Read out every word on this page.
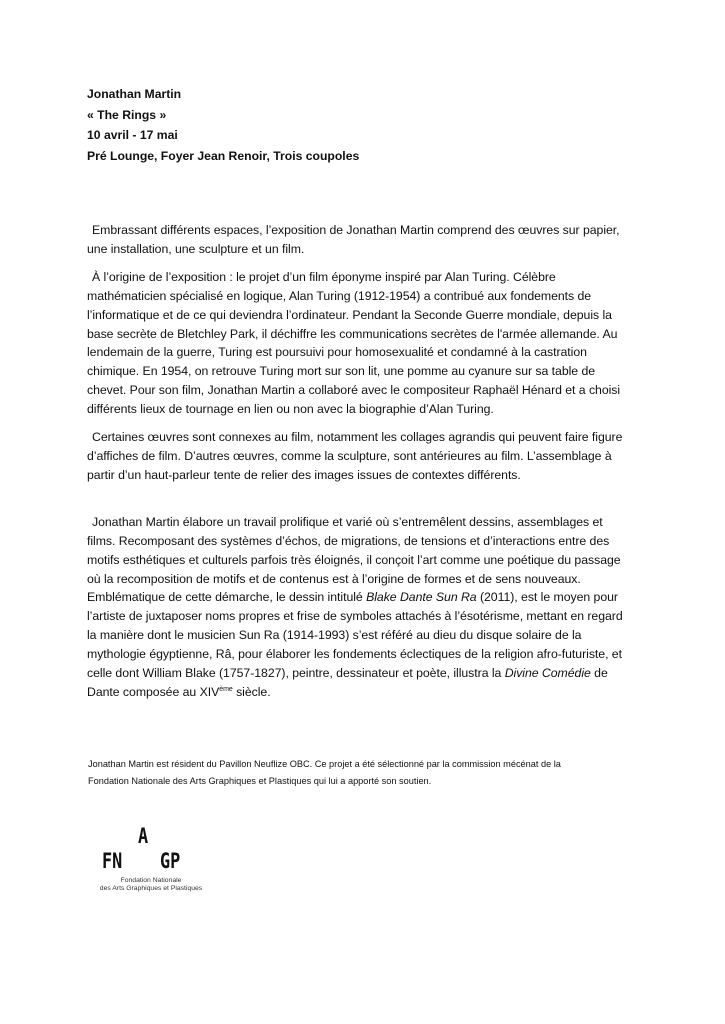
Jonathan Martin
« The Rings »
10 avril - 17 mai
Pré Lounge, Foyer Jean Renoir, Trois coupoles

Embrassant différents espaces, l’exposition de Jonathan Martin comprend des œuvres sur papier,

une installation, une sculpture et un film.

À l’origine de l’exposition : le projet d’un film éponyme inspiré par Alan Turing. Célèbre

mathématicien spécialisé en logique, Alan Turing (1912-1954) a contribué aux fondements de

l’informatique et de ce qui deviendra l’ordinateur. Pendant la Seconde Guerre mondiale, depuis la

base secrète de Bletchley Park, il déchiffre les communications secrètes de l'armée allemande. Au

lendemain de la guerre, Turing est poursuivi pour homosexualité et condamné à la castration

chimique. En 1954, on retrouve Turing mort sur son lit, une pomme au cyanure sur sa table de

chevet. Pour son film, Jonathan Martin a collaboré avec le compositeur Raphaël Hénard et a choisi

différents lieux de tournage en lien ou non avec la biographie d’Alan Turing.

Certaines œuvres sont connexes au film, notamment les collages agrandis qui peuvent faire figure

d’affiches de film. D’autres œuvres, comme la sculpture, sont antérieures au film. L’assemblage à

partir d’un haut-parleur tente de relier des images issues de contextes différents.

Jonathan Martin élabore un travail prolifique et varié où s’entremêlent dessins, assemblages et

films. Recomposant des systèmes d’échos, de migrations, de tensions et d’interactions entre des

motifs esthétiques et culturels parfois très éloignés, il conçoit l’art comme une poétique du passage

où la recomposition de motifs et de contenus est à l’origine de formes et de sens nouveaux.

Emblématique de cette démarche, le dessin intitulé Blake Dante Sun Ra (2011), est le moyen pour

l’artiste de juxtaposer noms propres et frise de symboles attachés à l’ésotérisme, mettant en regard

la manière dont le musicien Sun Ra (1914-1993) s’est référé au dieu du disque solaire de la

mythologie égyptienne, Râ, pour élaborer les fondements éclectiques de la religion afro-futuriste, et

celle dont William Blake (1757-1827), peintre, dessinateur et poète, illustra la Divine Comédie de

Dante composée au XIVème siècle.

Jonathan Martin est résident du Pavillon Neuflize OBC. Ce projet a été sélectionné par la commission mécénat de la

Fondation Nationale des Arts Graphiques et Plastiques qui lui a apporté son soutien.

A
FN GP
Fondation Nationale
des Arts Graphiques et Plastiques
